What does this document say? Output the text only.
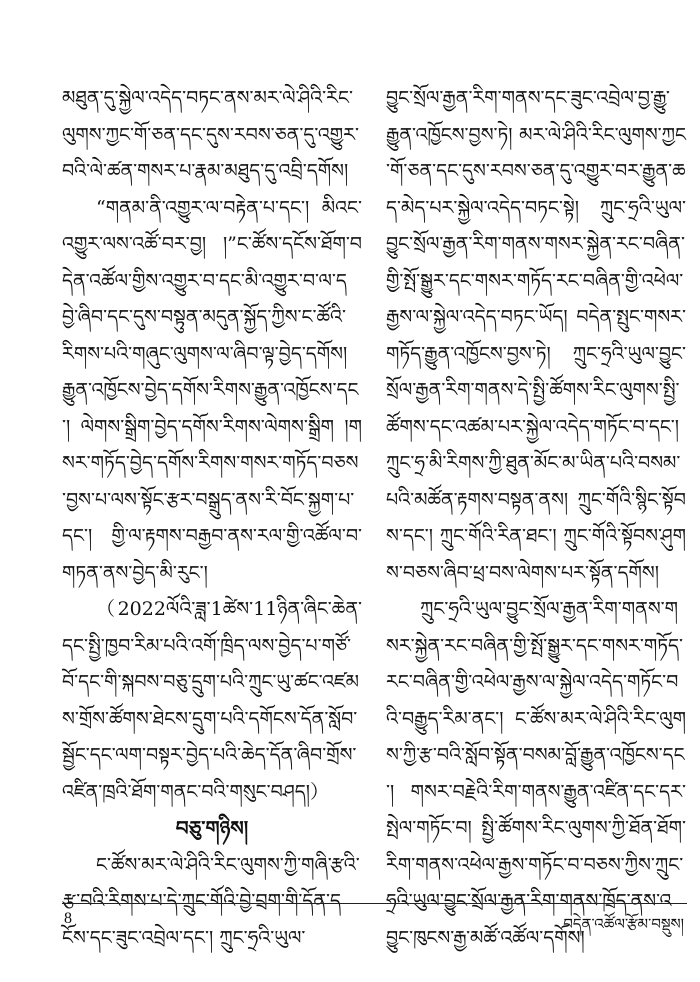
མཐུན་དུ་སྐྱེལ་འདེད་བཏང་ནས་མར་ལེ་ཤིའི་རིང་ལུགས་ཀྱང་གོ་ཅན་དང་དུས་རབས་ཅན་དུ་འགྱུར་བའི་ལེ་ཚན་གསར་པ་རྣམ་མཐུད་དུ་འབྲི་དགོས།

“གནམ་ནི་འགྱུར་ལ་བརྟེན་པ་དང་། མིའང་འགྱུར་ལས་འཚོ་བར་བྱ། །”ང་ཚོས་དངོས་ཐོག་བདེན་འཚོལ་གྱིས་འགྱུར་བ་དང་མི་འགྱུར་བ་ལ་དབྱེ་ཞིབ་དང་དུས་བསྟུན་མདུན་སྐྱོད་ཀྱིས་ང་ཚོའི་རིགས་པའི་གཞུང་ལུགས་ལ་ཞིབ་ལྟ་བྱེད་དགོས། རྒྱུན་འཁྱོངས་བྱེད་དགོས་རིགས་རྒྱུན་འཁྱོངས་དང་། ལེགས་སྒྲིག་བྱེད་དགོས་རིགས་ལེགས་སྒྲིག །གསར་གཏོད་བྱེད་དགོས་རིགས་གསར་གཏོད་བཅས་བྱས་པ་ལས་སྟོང་རྩར་བསྒྲུད་ནས་རི་བོང་སྐྱག་པ་དང་། གྱི་ལ་རྟགས་བརྒྱབ་ནས་རལ་གྱི་འཚོལ་བ་གཏན་ནས་བྱེད་མི་རུང་།

（2022ལོའི་ཟླ་1ཚེས་11ཉིན་ཞིང་ཆེན་དང་སྤྱི་ཁྱབ་རིམ་པའི་འགོ་ཁྲིད་ལས་བྱེད་པ་གཙོ་བོ་དང་གི་སྐབས་བཅུ་དྲུག་པའི་ཀྲུང་ཡུ་ཚང་འཛམས་གྲོས་ཚོགས་ཐེངས་དྲུག་པའི་དགོངས་དོན་སློབ་སྦྱོང་དང་ལག་བསྟར་བྱེད་པའི་ཆེད་དོན་ཞིབ་གྲོས་འཛིན་ཁྲའི་ཐོག་གནང་བའི་གསུང་བཤད།）

བཅུ་གཉིས།

ང་ཚོས་མར་ལེ་ཤིའི་རིང་ལུགས་ཀྱི་གཞི་རྩའི་རྩ་བའི་རིགས་པ་དེ་ཀྲུང་གོའི་བྱེ་བྲག་གི་དོན་དངོས་དང་ཟུང་འབྲེལ་དང་། ཀྲུང་ཧྲའི་ཡུལ་

བྱུང་སྲོལ་རྒྱན་རིག་གནས་དང་ཟུང་འབྲེལ་བྱ་རྒྱུ་རྒྱུན་འཁྱོངས་བྱས་ཏེ། མར་ལེ་ཤིའི་རིང་ལུགས་ཀྱང་གོ་ཅན་དང་དུས་རབས་ཅན་དུ་འགྱུར་བར་རྒྱུན་ཆད་མེད་པར་སྐྱེལ་འདེད་བཏང་སྟེ། ཀྲུང་ཧྲའི་ཡུལ་བྱུང་སྲོལ་རྒྱན་རིག་གནས་གསར་སྐྱེན་རང་བཞིན་གྱི་སྤོ་སྒྱུར་དང་གསར་གཏོད་རང་བཞིན་གྱི་འཕེལ་རྒྱས་ལ་སྐྱེལ་འདེད་བཏང་ཡོད། བདེན་སྤུང་གསར་གཏོད་རྒྱུན་འཁྱོངས་བྱས་ཏེ། ཀྲུང་ཧྲའི་ཡུལ་བྱུང་སྲོལ་རྒྱན་རིག་གནས་དེ་སྤྱི་ཚོགས་རིང་ལུགས་སྤྱི་ཚོགས་དང་འཚམ་པར་སྐྱེལ་འདེད་གཏོང་བ་དང་། ཀྲུང་ཧྲ་མི་རིགས་ཀྱི་ཐུན་མོང་མ་ཡིན་པའི་བསམ་པའི་མཚོན་རྟགས་བསྟན་ནས། ཀྲུང་གོའི་སྙིང་སྟོབས་དང་། ཀྲུང་གོའི་རིན་ཐང་། ཀྲུང་གོའི་སྟོབས་ཤུགས་བཅས་ཞིབ་ཕྲ་བས་ལེགས་པར་སྟོན་དགོས།

ཀྲུང་ཧྲའི་ཡུལ་བྱུང་སྲོལ་རྒྱན་རིག་གནས་གསར་སྐྱེན་རང་བཞིན་གྱི་སྤོ་སྒྱུར་དང་གསར་གཏོད་རང་བཞིན་གྱི་འཕེལ་རྒྱས་ལ་སྐྱེལ་འདེད་གཏོང་བའི་བརྒྱུད་རིམ་ནང་། ང་ཚོས་མར་ལེ་ཤིའི་རིང་ལུགས་ཀྱི་རྩ་བའི་སློབ་སྟོན་བསམ་བློ་རྒྱུན་འཁྱོངས་དང་། གསར་བརྗེའི་རིག་གནས་རྒྱུན་འཛིན་དང་དར་སྤེལ་གཏོང་བ། སྤྱི་ཚོགས་རིང་ལུགས་ཀྱི་ཐོན་ཐོག་རིག་གནས་འཕེལ་རྒྱས་གཏོང་བ་བཅས་ཀྱིས་ཀྲུང་ཧྲའི་ཡུལ་བྱུང་སྲོལ་རྒྱན་རིག་གནས་ཁྲོད་ནས་འབྱུང་ཁུངས་རྒྱ་མཚོ་འཚོལ་དགོས།

8	བདེན་འཚོལ་རྩོམ་བསྡུས།
